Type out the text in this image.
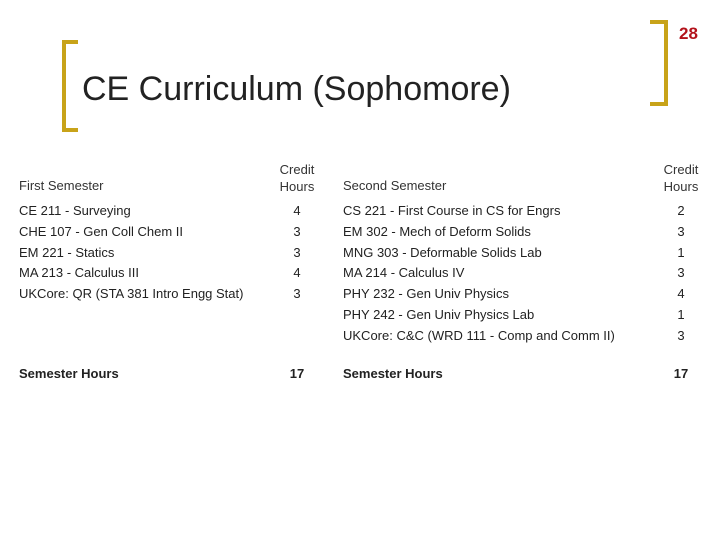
28
CE Curriculum (Sophomore)
First Semester
Credit
Hours
CE 211 - Surveying
CHE 107 - Gen Coll Chem II
EM 221 - Statics
MA 213 - Calculus III
UKCore: QR (STA 381 Intro Engg Stat)
4
3
3
4
3
Semester Hours	17
Second Semester
Credit
Hours
CS 221 - First Course in CS for Engrs
EM 302 - Mech of Deform Solids
MNG 303 - Deformable Solids Lab
MA 214 - Calculus IV
PHY 232 - Gen Univ Physics
PHY 242 - Gen Univ Physics Lab
UKCore: C&C (WRD 111 - Comp and Comm II)
2
3
1
3
4
1
3
Semester Hours	17
